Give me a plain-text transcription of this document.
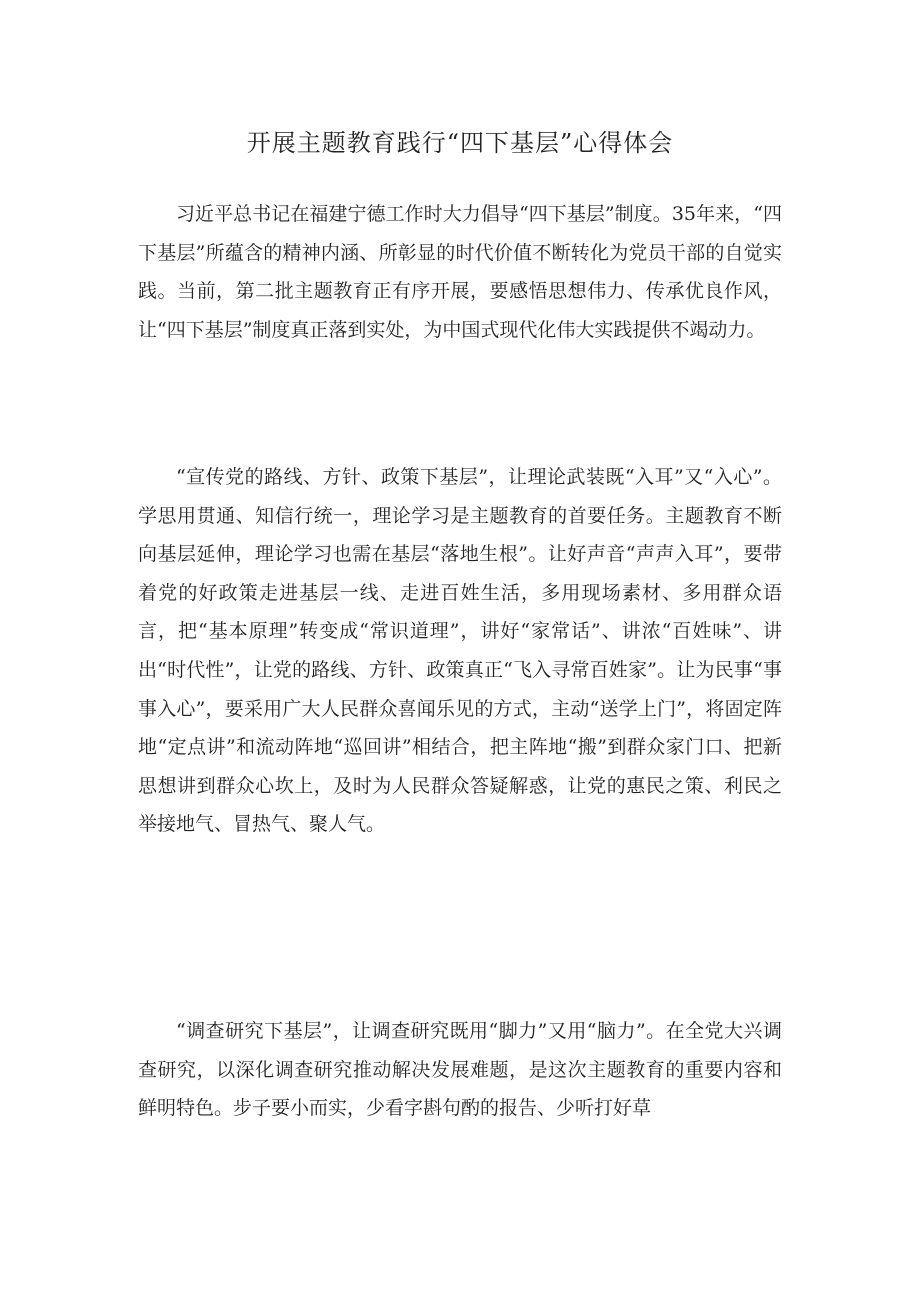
开展主题教育践行“四下基层”心得体会

习近平总书记在福建宁德工作时大力倡导“四下基层”制度。35年来，“四下基层”所蕴含的精神内涵、所彰显的时代价值不断转化为党员干部的自觉实践。当前，第二批主题教育正有序开展，要感悟思想伟力、传承优良作风，让“四下基层”制度真正落到实处，为中国式现代化伟大实践提供不竭动力。

“宣传党的路线、方针、政策下基层”，让理论武装既“入耳”又“入心”。学思用贯通、知信行统一，理论学习是主题教育的首要任务。主题教育不断向基层延伸，理论学习也需在基层“落地生根”。让好声音“声声入耳”，要带着党的好政策走进基层一线、走进百姓生活，多用现场素材、多用群众语言，把“基本原理”转变成“常识道理”，讲好“家常话”、讲浓“百姓味”、讲出“时代性”，让党的路线、方针、政策真正“飞入寻常百姓家”。让为民事“事事入心”，要采用广大人民群众喜闻乐见的方式，主动“送学上门”，将固定阵地“定点讲”和流动阵地“巡回讲”相结合，把主阵地“搬”到群众家门口、把新思想讲到群众心坎上，及时为人民群众答疑解惑，让党的惠民之策、利民之举接地气、冒热气、聚人气。

“调查研究下基层”，让调查研究既用“脚力”又用“脑力”。在全党大兴调查研究，以深化调查研究推动解决发展难题，是这次主题教育的重要内容和鲜明特色。步子要小而实，少看字斟句酌的报告、少听打好草
